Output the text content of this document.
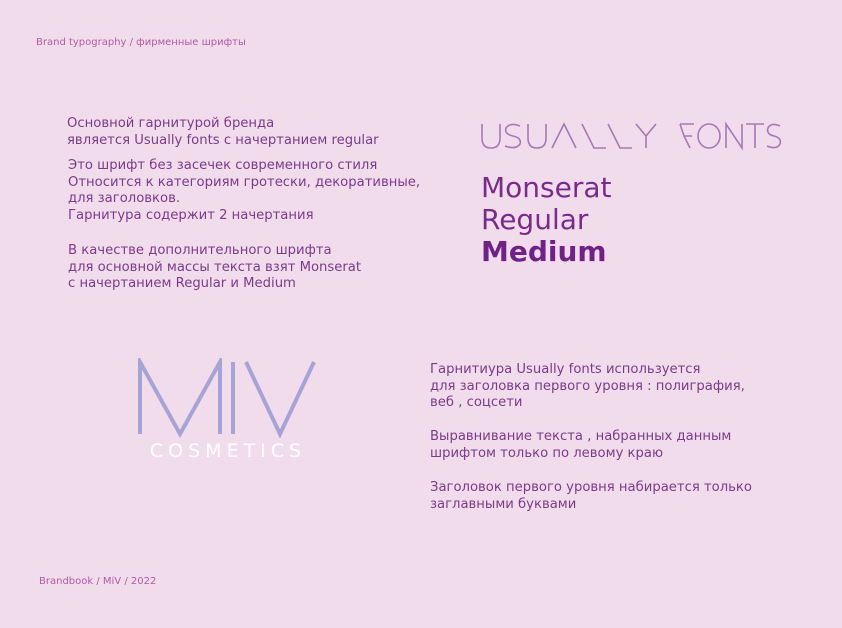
Brand typography / фирменные шрифты

Основной гарнитурой бренда
является Usually fonts с начертанием regular

Это шрифт без засечек современного стиля
Относится к категориям гротески, декоративные,
для заголовков.
Гарнитура содержит 2 начертания

В качестве дополнительного шрифта
для основной массы текста взят Monserat
с начертанием Regular и Medium

Monserat
Regular
Medium
COSMETICS

Гарнитиура Usually fonts используется
для заголовка первого уровня : полиграфия,
веб , соцсети

Выравнивание текста , набранных данным
шрифтом только по левому краю

Заголовок первого уровня набирается только
заглавными буквами

Brandbook / MiV / 2022
